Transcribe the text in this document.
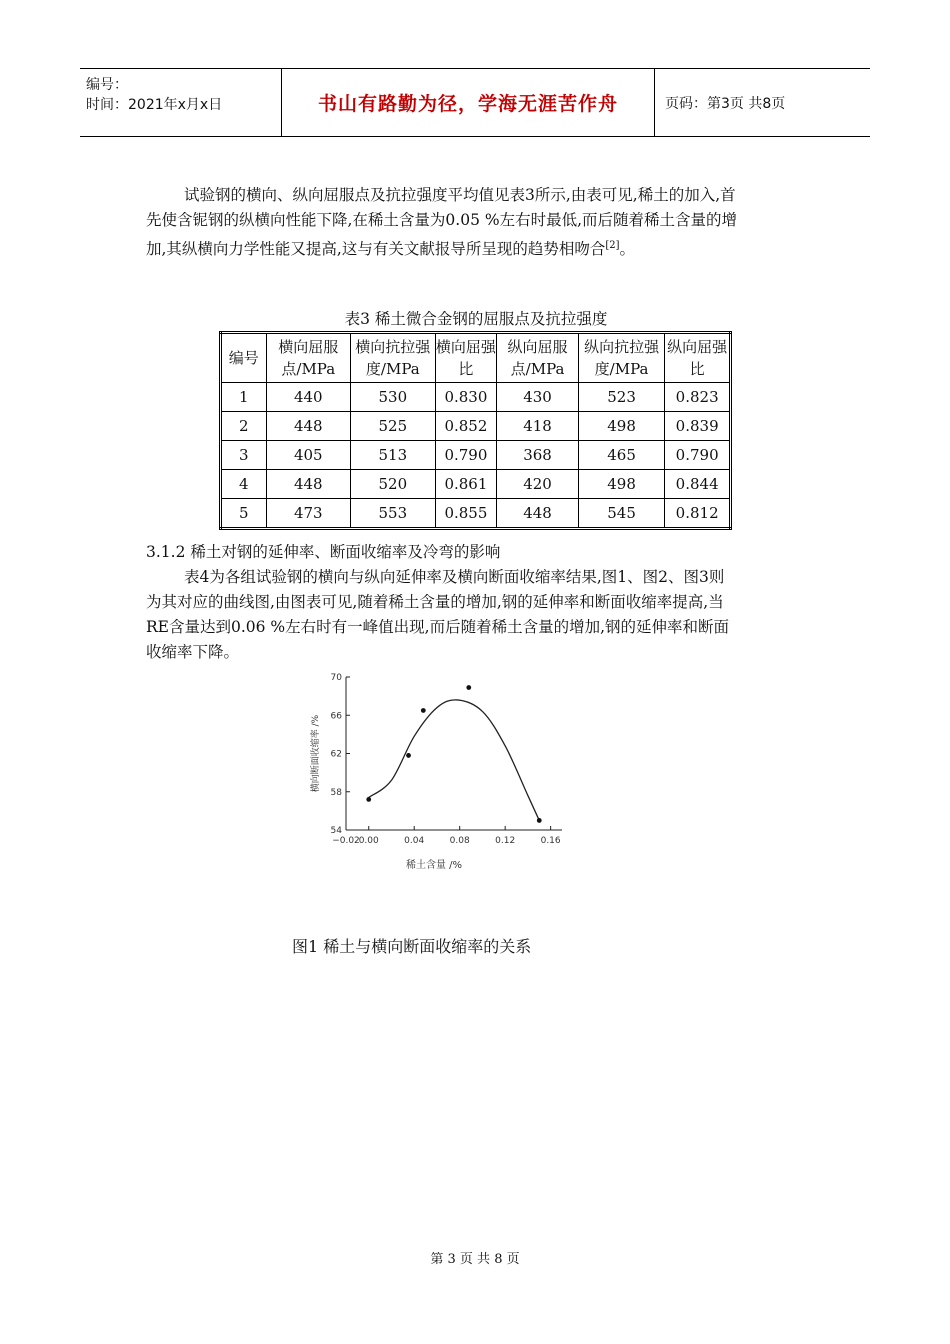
编号：
时间：2021年x月x日	书山有路勤为径，学海无涯苦作舟	页码：第3页 共8页

试验钢的横向、纵向屈服点及抗拉强度平均值见表3所示,由表可见,稀土的加入,首先使含铌钢的纵横向性能下降,在稀土含量为0.05 %左右时最低,而后随着稀土含量的增加,其纵横向力学性能又提高,这与有关文献报导所呈现的趋势相吻合[2]。

表3 稀土微合金钢的屈服点及抗拉强度
编号	横向屈服点/MPa	横向抗拉强度/MPa	横向屈强比	纵向屈服点/MPa	纵向抗拉强度/MPa	纵向屈强比
1	440	530	0.830	430	523	0.823
2	448	525	0.852	418	498	0.839
3	405	513	0.790	368	465	0.790
4	448	520	0.861	420	498	0.844
5	473	553	0.855	448	545	0.812
3.1.2 稀土对钢的延伸率、断面收缩率及冷弯的影响

表4为各组试验钢的横向与纵向延伸率及横向断面收缩率结果,图1、图2、图3则为其对应的曲线图,由图表可见,随着稀土含量的增加,钢的延伸率和断面收缩率提高,当RE含量达到0.06 %左右时有一峰值出现,而后随着稀土含量的增加,钢的延伸率和断面收缩率下降。

54
58
62
66
70
−0.02
0.00	0.04	0.08	0.12	0.16
稀土含量 /%
横向断面收缩率 /%
图1 稀土与横向断面收缩率的关系
第 3 页 共 8 页
